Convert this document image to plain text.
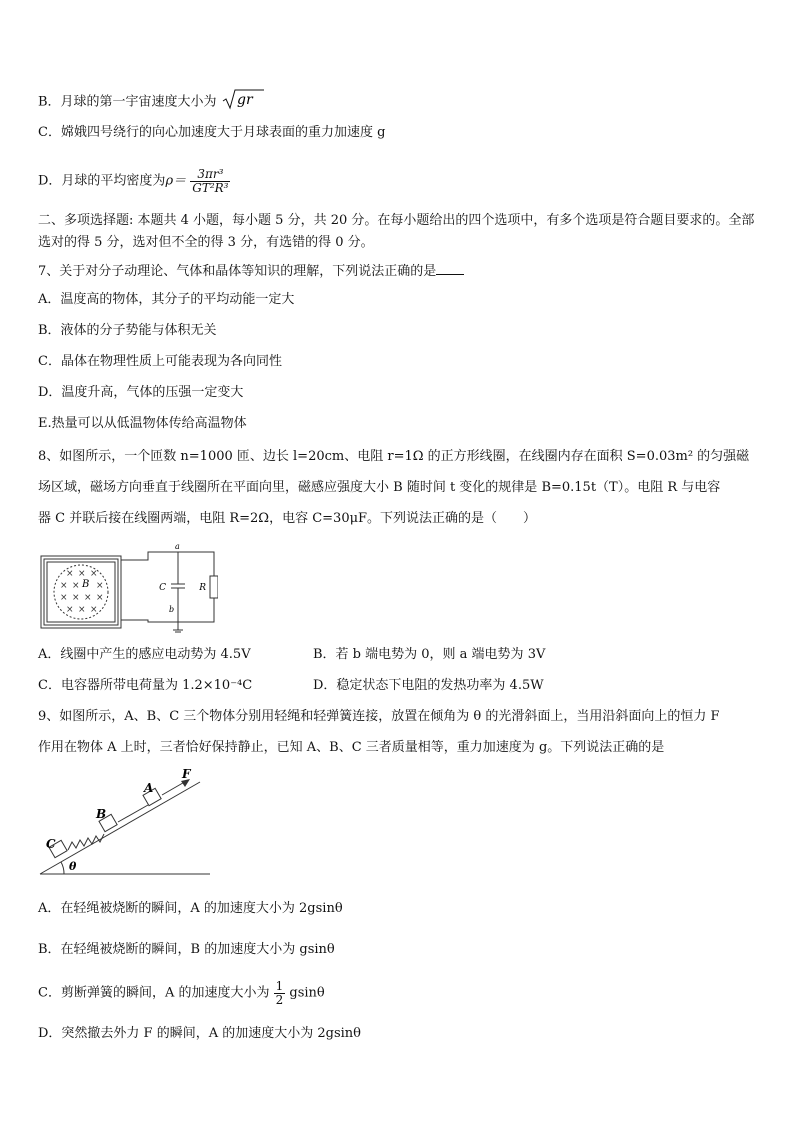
B．月球的第一宇宙速度大小为 gr
C．嫦娥四号绕行的向心加速度大于月球表面的重力加速度 g
D．月球的平均密度为$\rho= \frac{\text{3πr³}}{\text{GT²R³}}$
二、多项选择题: 本题共 4 小题，每小题 5 分，共 20 分。在每小题给出的四个选项中，有多个选项是符合题目要求的。全部选对的得 5 分，选对但不全的得 3 分，有选错的得 0 分。
7、关于对分子动理论、气体和晶体等知识的理解，下列说法正确的是
A．温度高的物体，其分子的平均动能一定大
B．液体的分子势能与体积无关
C．晶体在物理性质上可能表现为各向同性
D．温度升高，气体的压强一定变大
E.热量可以从低温物体传给高温物体
8、如图所示，一个匝数 n=1000 匝、边长 l=20cm、电阻 r=1Ω 的正方形线圈，在线圈内存在面积 S=0.03m² 的匀强磁
场区域，磁场方向垂直于线圈所在平面向里，磁感应强度大小 B 随时间 t 变化的规律是 B=0.15t（T）。电阻 R 与电容
器 C 并联后接在线圈两端，电阻 R=2Ω，电容 C=30μF。下列说法正确的是（　　）
× × ×
× × ×
× × × ×
× × ×
B	R
C
a
b
A．线圈中产生的感应电动势为 4.5V	B．若 b 端电势为 0，则 a 端电势为 3V
C．电容器所带电荷量为 1.2×10⁻⁴C	D．稳定状态下电阻的发热功率为 4.5W
9、如图所示，A、B、C 三个物体分别用轻绳和轻弹簧连接，放置在倾角为 θ 的光滑斜面上，当用沿斜面向上的恒力 F
作用在物体 A 上时，三者恰好保持静止，已知 A、B、C 三者质量相等，重力加速度为 g。下列说法正确的是
θ
C
B
A
F
A．在轻绳被烧断的瞬间，A 的加速度大小为 2gsinθ
B．在轻绳被烧断的瞬间，B 的加速度大小为 gsinθ
C．剪断弹簧的瞬间，A 的加速度大小为 $\frac{1}{2}$ gsinθ
D．突然撤去外力 F 的瞬间，A 的加速度大小为 2gsinθ
